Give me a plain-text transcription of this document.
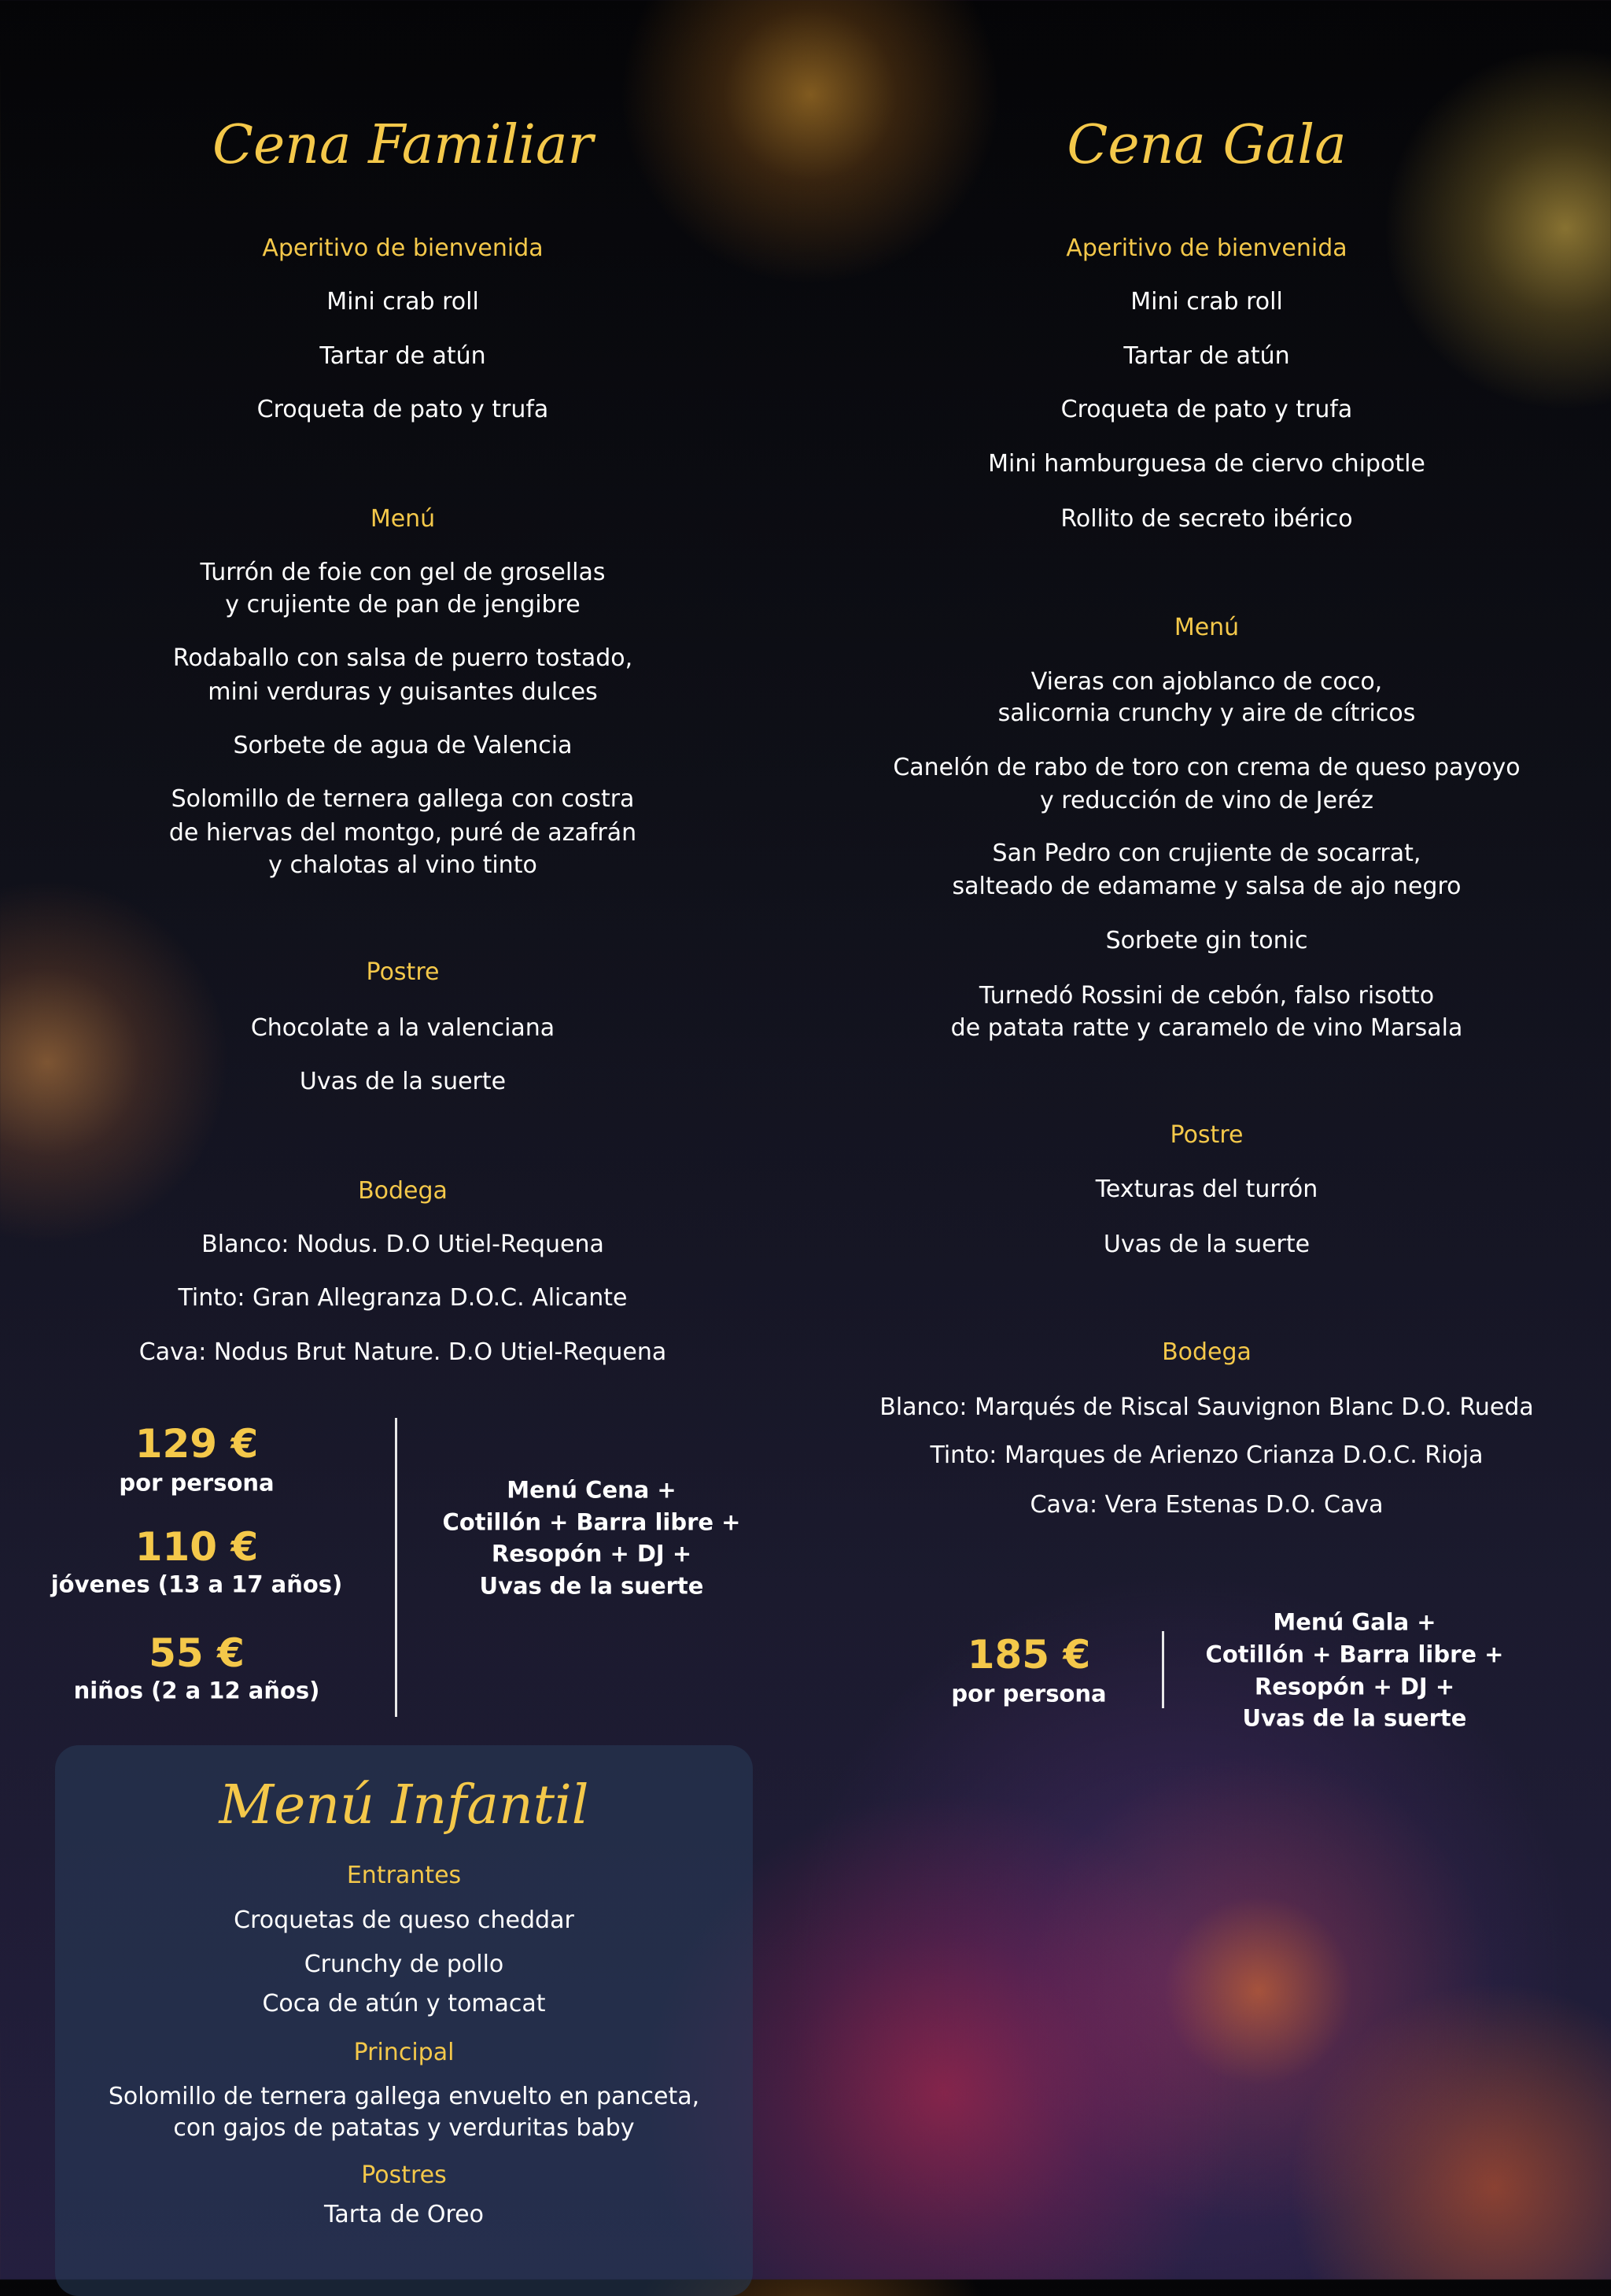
Cena Familiar
Aperitivo de bienvenida
Mini crab roll
Tartar de atún
Croqueta de pato y trufa
Menú
Turrón de foie con gel de grosellas
y crujiente de pan de jengibre
Rodaballo con salsa de puerro tostado,
mini verduras y guisantes dulces
Sorbete de agua de Valencia
Solomillo de ternera gallega con costra
de hiervas del montgo, puré de azafrán
y chalotas al vino tinto
Postre
Chocolate a la valenciana
Uvas de la suerte
Bodega
Blanco: Nodus. D.O Utiel-Requena
Tinto: Gran Allegranza D.O.C. Alicante
Cava: Nodus Brut Nature. D.O Utiel-Requena
129 €
por persona
110 €
jóvenes (13 a 17 años)
55 €
niños (2 a 12 años)
Menú Cena +
Cotillón + Barra libre +
Resopón + DJ +
Uvas de la suerte
Cena Gala
Aperitivo de bienvenida
Mini crab roll
Tartar de atún
Croqueta de pato y trufa
Mini hamburguesa de ciervo chipotle
Rollito de secreto ibérico
Menú
Vieras con ajoblanco de coco,
salicornia crunchy y aire de cítricos
Canelón de rabo de toro con crema de queso payoyo
y reducción de vino de Jeréz
San Pedro con crujiente de socarrat,
salteado de edamame y salsa de ajo negro
Sorbete gin tonic
Turnedó Rossini de cebón, falso risotto
de patata ratte y caramelo de vino Marsala
Postre
Texturas del turrón
Uvas de la suerte
Bodega
Blanco: Marqués de Riscal Sauvignon Blanc D.O. Rueda
Tinto: Marques de Arienzo Crianza D.O.C. Rioja
Cava: Vera Estenas D.O. Cava
185 €
por persona
Menú Gala +
Cotillón + Barra libre +
Resopón + DJ +
Uvas de la suerte
Menú Infantil
Entrantes
Croquetas de queso cheddar
Crunchy de pollo
Coca de atún y tomacat
Principal
Solomillo de ternera gallega envuelto en panceta,
con gajos de patatas y verduritas baby
Postres
Tarta de Oreo
